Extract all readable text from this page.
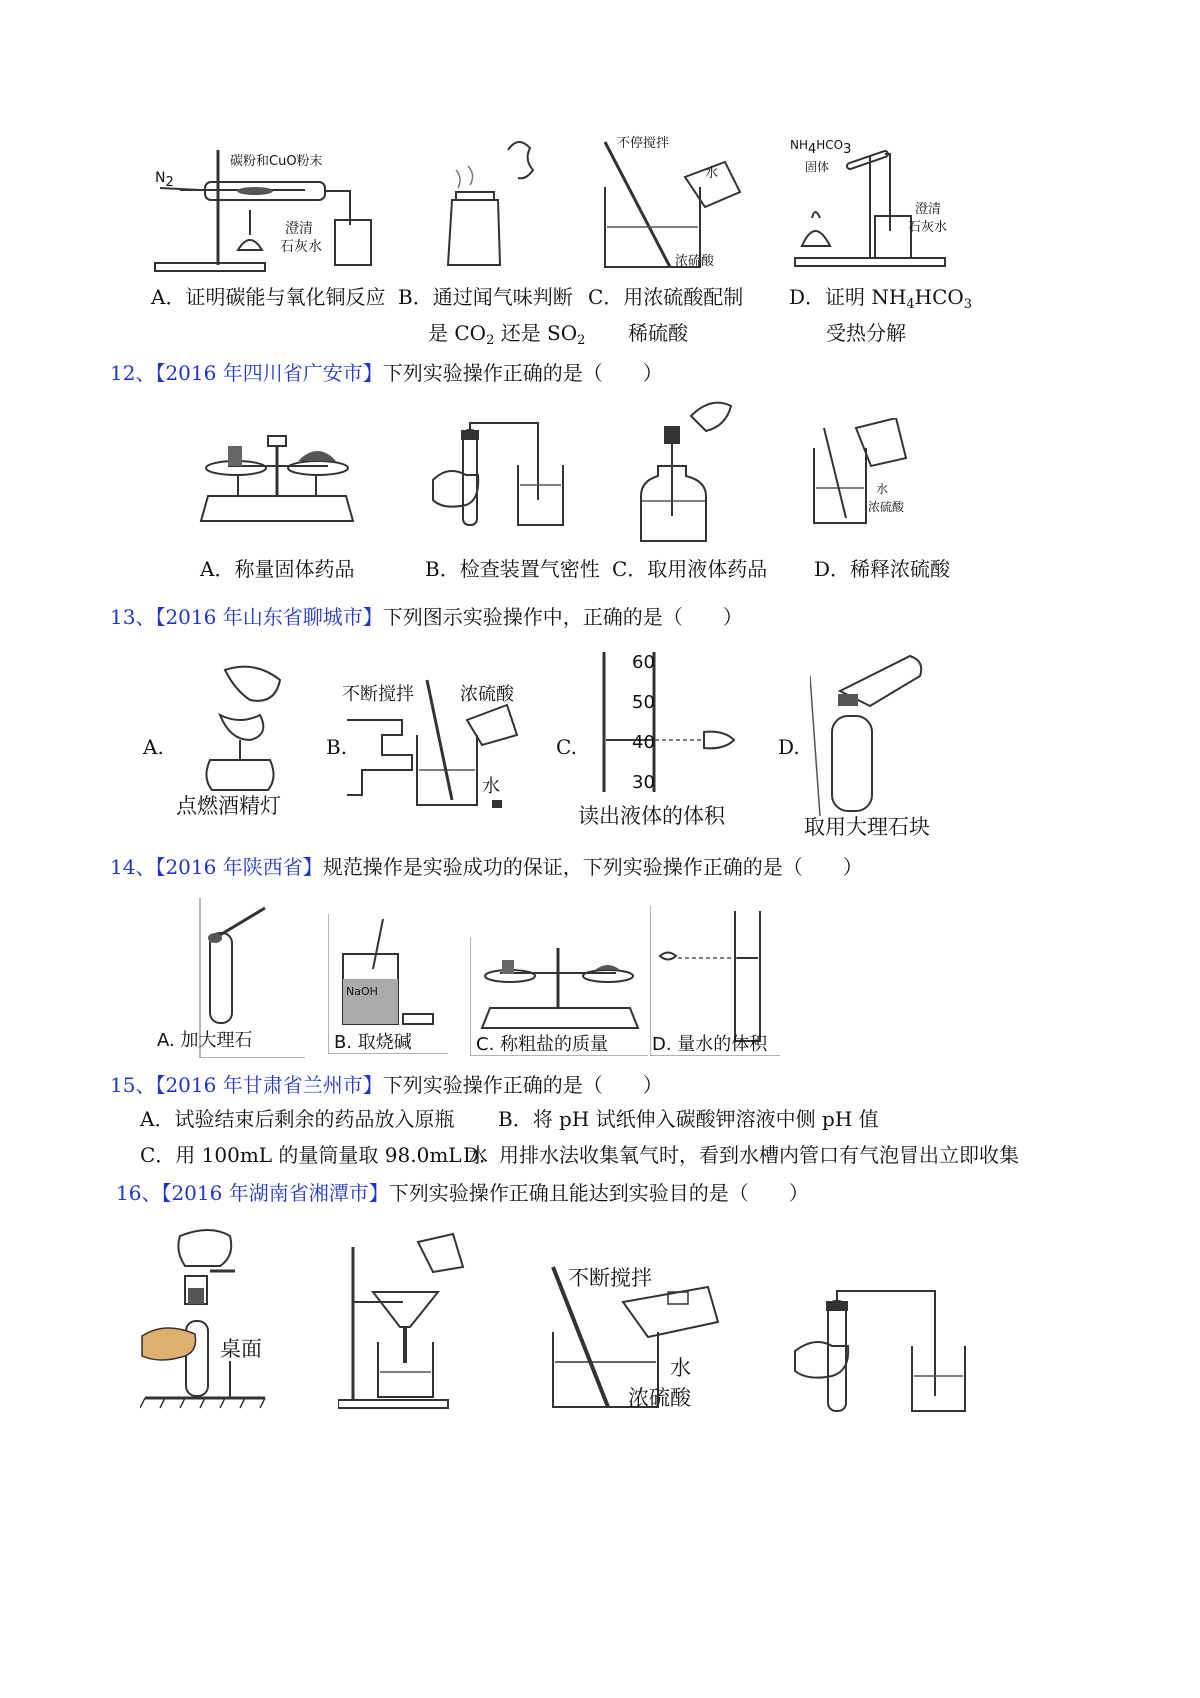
$N_2$
碳粉和CuO粉末
澄清
石灰水
不停搅拌
水
浓硫酸
$NH_4HCO_3$
固体
澄清
石灰水
A．证明碳能与氧化铜反应 B．通过闻气味判断
是 $CO_2$ 还是 $SO_2$
C．用浓硫酸配制
稀硫酸
D．证明 $NH_4HCO_3$
受热分解
12、【2016 年四川省广安市】下列实验操作正确的是（　　）
水
浓硫酸
A．称量固体药品	B．检查装置气密性 C．取用液体药品 D．稀释浓硫酸
13、【2016 年山东省聊城市】下列图示实验操作中，正确的是（　　）
A.
点燃酒精灯
B.
不断搅拌	浓硫酸
水
C.
60
50
40
30
读出液体的体积
D.
取用大理石块
14、【2016 年陕西省】规范操作是实验成功的保证，下列实验操作正确的是（　　）
A. 加大理石
NaOH
B. 取烧碱	C. 称粗盐的质量 D. 量水的体积
15、【2016 年甘肃省兰州市】下列实验操作正确的是（　　）
A．试验结束后剩余的药品放入原瓶 B．将 pH 试纸伸入碳酸钾溶液中侧 pH 值
C．用 100mL 的量筒量取 98.0mL 水
D．用排水法收集氧气时，看到水槽内管口有气泡冒出立即收集
16、【2016 年湖南省湘潭市】下列实验操作正确且能达到实验目的是（　　）
桌面
不断搅拌
水
浓硫酸
